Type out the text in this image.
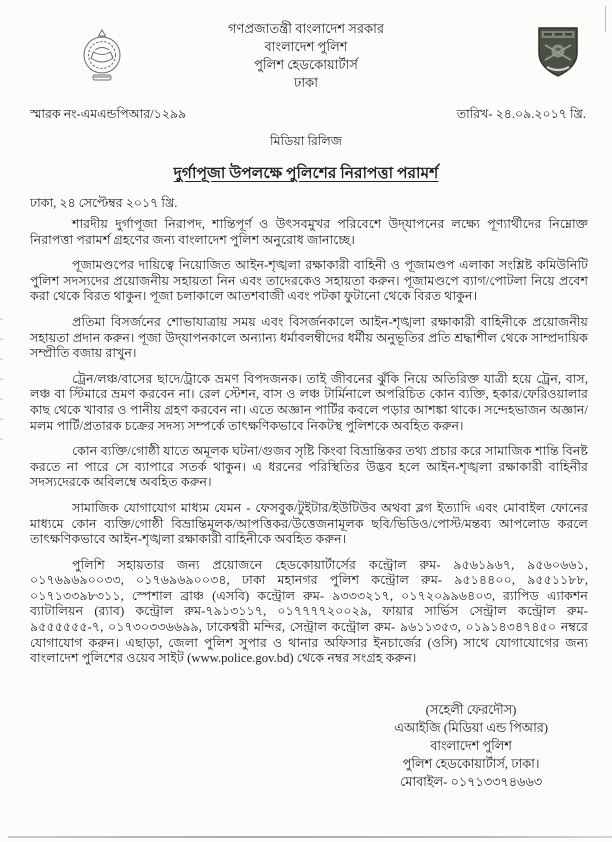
গণপ্রজাতন্ত্রী বাংলাদেশ সরকার
বাংলাদেশ পুলিশ
পুলিশ হেডকোয়ার্টার্স
ঢাকা
স্মারক নং-এমএন্ডপিআর/১২৯৯	তারিখ- ২৪.০৯.২০১৭ খ্রি.
মিডিয়া রিলিজ
দুর্গাপূজা উপলক্ষে পুলিশের নিরাপত্তা পরামর্শ
ঢাকা, ২৪ সেপ্টেম্বর ২০১৭ খ্রি.

শারদীয় দুর্গাপূজা নিরাপদ, শান্তিপূর্ণ ও উৎসবমুখর পরিবেশে উদ্‌যাপনের লক্ষ্যে পূণ্যার্থীদের নিম্নোক্ত নিরাপত্তা পরামর্শ গ্রহণের জন্য বাংলাদেশ পুলিশ অনুরোধ জানাচ্ছে।

পূজামণ্ডপের দায়িত্বে নিয়োজিত আইন-শৃঙ্খলা রক্ষাকারী বাহিনী ও পূজামণ্ডপ এলাকা সংশ্লিষ্ট কমিউনিটি পুলিশ সদস্যদের প্রয়োজনীয় সহায়তা নিন এবং তাদেরকেও সহায়তা করুন। পূজামণ্ডপে ব্যাগ/পোটলা নিয়ে প্রবেশ করা থেকে বিরত থাকুন। পূজা চলাকালে আতশবাজী এবং পটকা ফুটানো থেকে বিরত থাকুন।

প্রতিমা বিসর্জনের শোভাযাত্রায় সময় এবং বিসর্জনকালে আইন-শৃঙ্খলা রক্ষাকারী বাহিনীকে প্রয়োজনীয় সহায়তা প্রদান করুন। পূজা উদ্‌যাপনকালে অন্যান্য ধর্মাবলম্বীদের ধর্মীয় অনুভূতির প্রতি শ্রদ্ধাশীল থেকে সাম্প্রদায়িক সম্প্রীতি বজায় রাখুন।

ট্রেন/লঞ্চ/বাসের ছাদে/ট্রাকে ভ্রমণ বিপদজনক। তাই জীবনের ঝুঁকি নিয়ে অতিরিক্ত যাত্রী হয়ে ট্রেন, বাস, লঞ্চ বা স্টিমারে ভ্রমণ করবেন না। রেল স্টেশন, বাস ও লঞ্চ টার্মিনালে অপরিচিত কোন ব্যক্তি, হকার/ফেরিওয়ালার কাছ থেকে খাবার ও পানীয় গ্রহণ করবেন না। এতে অজ্ঞান পার্টির কবলে পড়ার আশঙ্কা থাকে। সন্দেহভাজন অজ্ঞান/মলম পার্টি/প্রতারক চক্রের সদস্য সম্পর্কে তাৎক্ষণিকভাবে নিকটস্থ পুলিশকে অবহিত করুন।

কোন ব্যক্তি/গোষ্ঠী যাতে অমূলক ঘটনা/গুজব সৃষ্টি কিংবা বিভ্রান্তিকর তথ্য প্রচার করে সামাজিক শান্তি বিনষ্ট করতে না পারে সে ব্যাপারে সতর্ক থাকুন। এ ধরনের পরিস্থিতির উদ্ভব হলে আইন-শৃঙ্খলা রক্ষাকারী বাহিনীর সদস্যদেরকে অবিলম্বে অবহিত করুন।

সামাজিক যোগাযোগ মাধ্যম যেমন - ফেসবুক/টুইটার/ইউটিউব অথবা ব্লগ ইত্যাদি এবং মোবাইল ফোনের মাধ্যমে কোন ব্যক্তি/গোষ্ঠী বিভ্রান্তিমূলক/আপত্তিকর/উত্তেজনামূলক ছবি/ভিডিও/পোস্ট/মন্তব্য আপলোড করলে তাৎক্ষণিকভাবে আইন-শৃঙ্খলা রক্ষাকারী বাহিনীকে অবহিত করুন।

পুলিশি সহায়তার জন্য প্রয়োজনে হেডকোয়ার্টার্সের কন্ট্রোল রুম- ৯৫৬১৯৬৭, ৯৫৬০৬৬১, ০১৭৬৯৬৯০০৩৩, ০১৭৬৯৬৯০০৩৪, ঢাকা মহানগর পুলিশ কন্ট্রোল রুম- ৯৫১৪৪০০, ৯৫৫১১৮৮, ০১৭১৩৩৯৮৩১১, স্পেশাল ব্রাঞ্চ (এসবি) কন্ট্রোল রুম- ৯৩৩৩২১৭, ০১৭২০৯৯৬৪০৩, র‍্যাপিড এ্যাকশন ব্যাটালিয়ন (র‍্যাব) কন্ট্রোল রুম-৭৯১৩১১৭, ০১৭৭৭৭২০০২৯, ফায়ার সার্ভিস সেন্ট্রাল কন্ট্রোল রুম- ৯৫৫৫৫৫৫-৭, ০১৭৩০৩৩৬৬৯৯, ঢাকেশ্বরী মন্দির, সেন্ট্রাল কন্ট্রোল রুম- ৯৬১১৩৫৩, ০১৯১৪৩৪৭৪৫০ নম্বরে যোগাযোগ করুন। এছাড়া, জেলা পুলিশ সুপার ও থানার অফিসার ইনচার্জের (ওসি) সাথে যোগাযোগের জন্য বাংলাদেশ পুলিশের ওয়েব সাইট (www.police.gov.bd) থেকে নম্বর সংগ্রহ করুন।

(সহেলী ফেরদৌস)
এআইজি (মিডিয়া এন্ড পিআর)
বাংলাদেশ পুলিশ
পুলিশ হেডকোয়ার্টার্স, ঢাকা।
মোবাইল- ০১৭১৩৩৭৪৬৬৩
